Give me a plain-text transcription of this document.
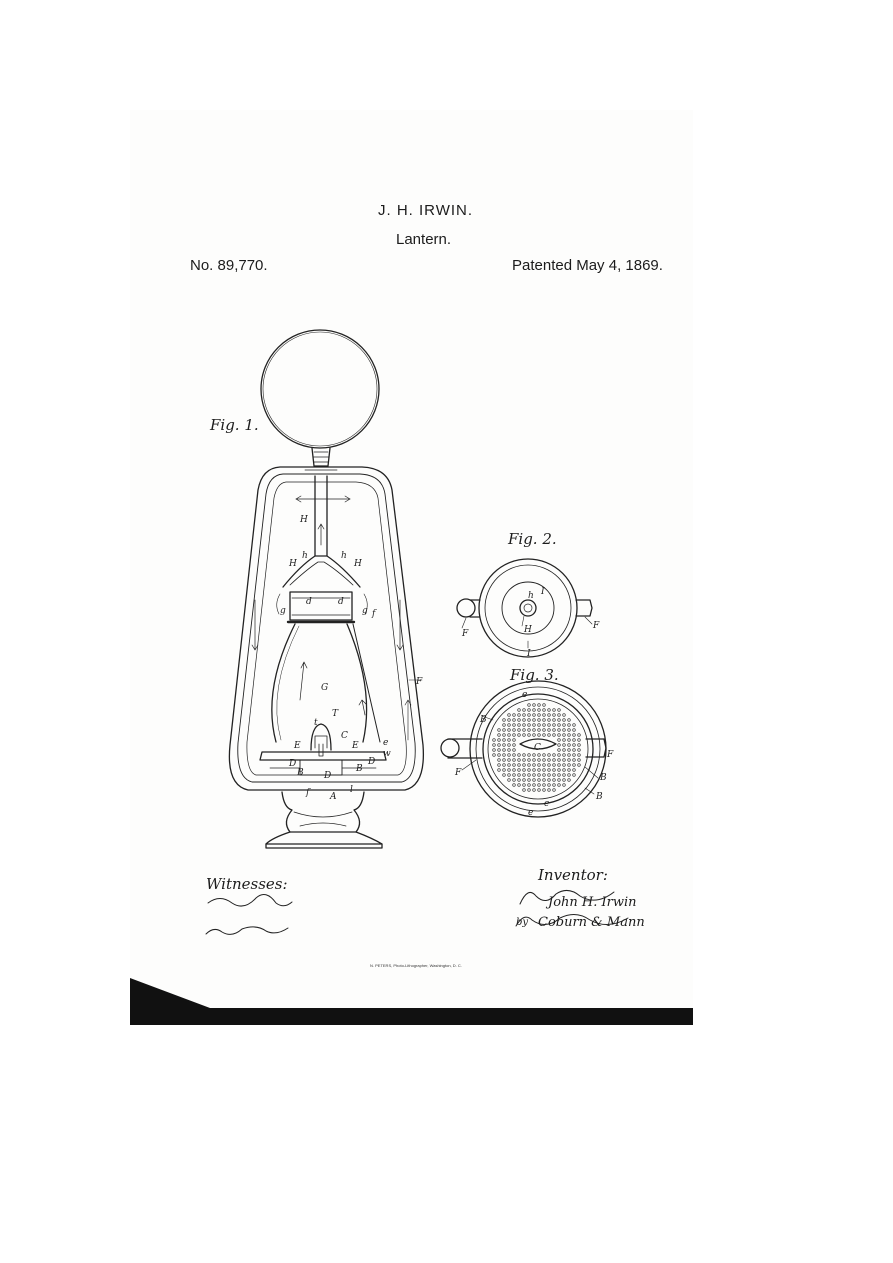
J. H. IRWIN.
Lantern.
No. 89,770.	Patented May 4, 1869.
Fig. 1.
Fig. 2.
Fig. 3.
H
H	H
h	h
g	g f
d	d
G
F
T
t
C
E	E	e
w
D
D
D
B	B
f	l
A
h I
H
F
F
I
e
B
C
F
F
B
B
e
e
Witnesses:	Inventor:
John H. Irwin
by Coburn & Mann
N. PETERS, Photo-Lithographer, Washington, D. C.
